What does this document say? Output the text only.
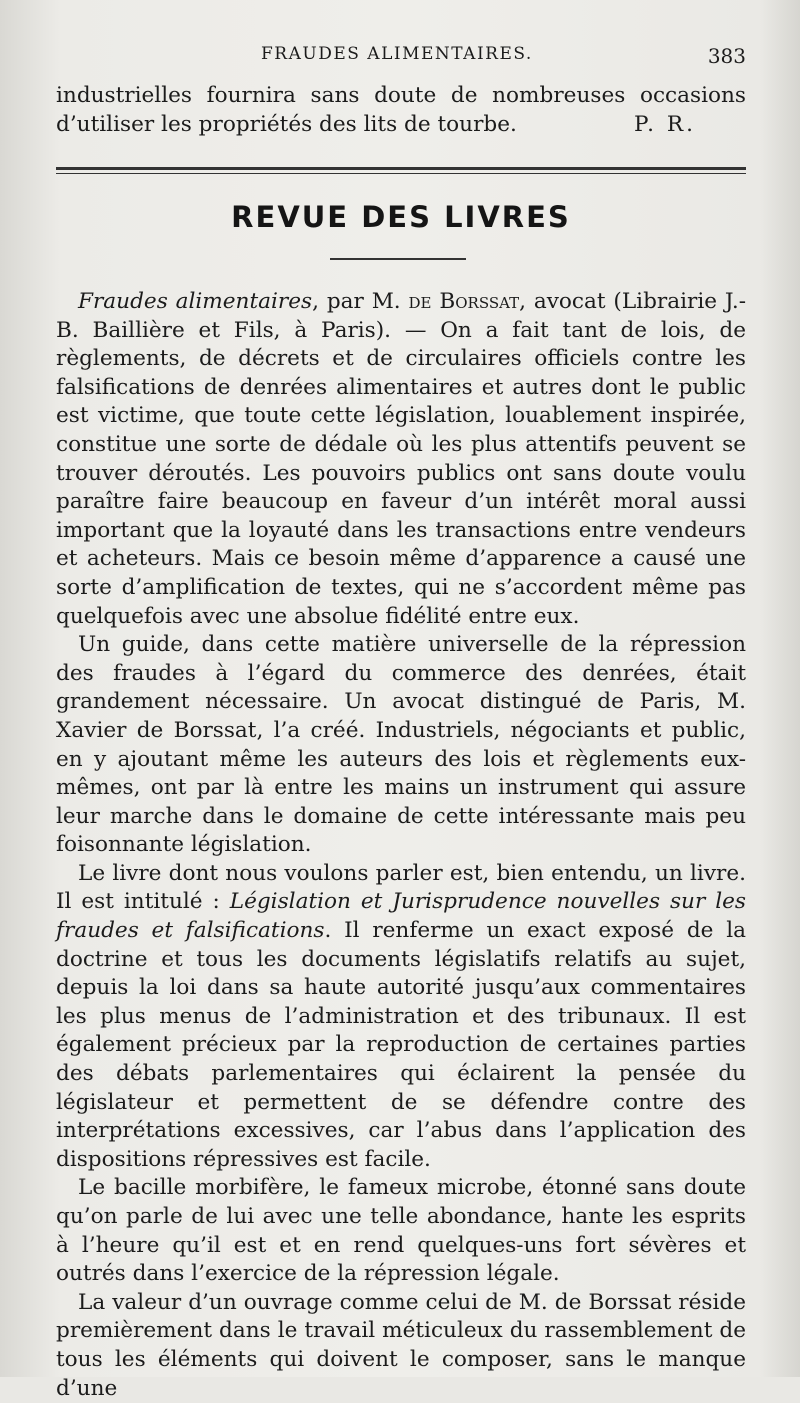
FRAUDES ALIMENTAIRES.	383

industrielles fournira sans doute de nombreuses occasions d’utiliser les propriétés des lits de tourbe.	P. R.

REVUE DES LIVRES

Fraudes alimentaires, par M. de Borssat, avocat (Librairie J.-B. Baillière et Fils, à Paris). — On a fait tant de lois, de règlements, de décrets et de circulaires officiels contre les falsifications de denrées alimentaires et autres dont le public est victime, que toute cette législation, louablement inspirée, constitue une sorte de dédale où les plus attentifs peuvent se trouver déroutés. Les pouvoirs publics ont sans doute voulu paraître faire beaucoup en faveur d’un intérêt moral aussi important que la loyauté dans les transactions entre vendeurs et acheteurs. Mais ce besoin même d’apparence a causé une sorte d’amplification de textes, qui ne s’accordent même pas quelquefois avec une absolue fidélité entre eux.

Un guide, dans cette matière universelle de la répression des fraudes à l’égard du commerce des denrées, était grandement nécessaire. Un avocat distingué de Paris, M. Xavier de Borssat, l’a créé. Industriels, négociants et public, en y ajoutant même les auteurs des lois et règlements eux-mêmes, ont par là entre les mains un instrument qui assure leur marche dans le domaine de cette intéressante mais peu foisonnante législation.

Le livre dont nous voulons parler est, bien entendu, un livre. Il est intitulé : Législation et Jurisprudence nouvelles sur les fraudes et falsifications. Il renferme un exact exposé de la doctrine et tous les documents législatifs relatifs au sujet, depuis la loi dans sa haute autorité jusqu’aux commentaires les plus menus de l’administration et des tribunaux. Il est également précieux par la reproduction de certaines parties des débats parlementaires qui éclairent la pensée du législateur et permettent de se défendre contre des interprétations excessives, car l’abus dans l’application des dispositions répressives est facile.

Le bacille morbifère, le fameux microbe, étonné sans doute qu’on parle de lui avec une telle abondance, hante les esprits à l’heure qu’il est et en rend quelques-uns fort sévères et outrés dans l’exercice de la répression légale.

La valeur d’un ouvrage comme celui de M. de Borssat réside premièrement dans le travail méticuleux du rassemblement de tous les éléments qui doivent le composer, sans le manque d’une
